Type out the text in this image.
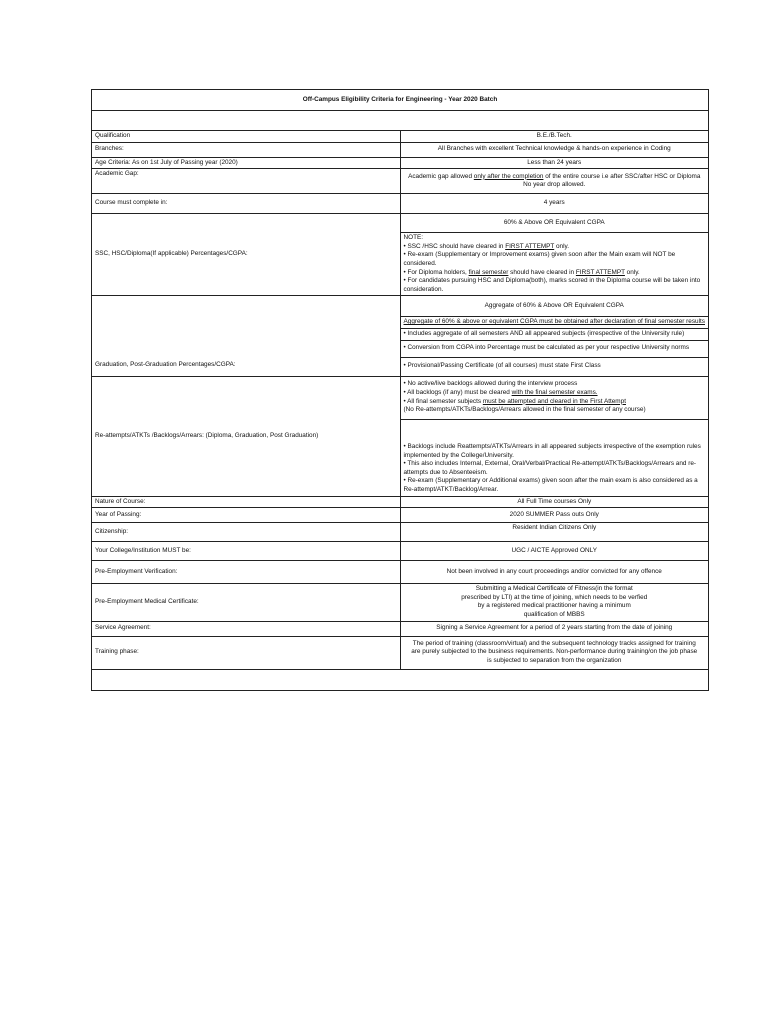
Off-Campus Eligibility Criteria for Engineering - Year 2020 Batch	

Qualification	B.E./B.Tech.
Branches:	All Branches with excellent Technical knowledge & hands-on experience in Coding
Age Criteria: As on 1st July of Passing year (2020)	Less than 24 years
Academic Gap:	Academic gap allowed only after the completion of the entire course i.e after SSC/after HSC or Diploma
No year drop allowed.

Course must complete in:	4 years
SSC, HSC/Diploma(If applicable) Percentages/CGPA:	60% & Above OR Equivalent CGPA

	NOTE:
• SSC /HSC should have cleared in FIRST ATTEMPT only.
• Re-exam (Supplementary or Improvement exams) given soon after the Main exam will NOT be considered.
• For Diploma holders, final semester should have cleared in FIRST ATTEMPT only.
• For candidates pursuing HSC and Diploma(both), marks scored in the Diploma course will be taken into consideration.

Graduation, Post-Graduation Percentages/CGPA:	Aggregate of 60% & Above OR Equivalent CGPA
	Aggregate of 60% & above or equivalent CGPA must be obtained after declaration of final semester results
	• Includes aggregate of all semesters AND all appeared subjects (irrespective of the University rule)
	• Conversion from CGPA into Percentage must be calculated as per your respective University norms
	• Provisional/Passing Certificate (of all courses) must state First Class
Re-attempts/ATKTs /Backlogs/Arrears: (Diploma, Graduation, Post Graduation)	• No active/live backlogs allowed during the interview process
• All backlogs (if any) must be cleared with the final semester exams.
• All final semester subjects must be attempted and cleared in the First Attempt
(No Re-attempts/ATKTs/Backlogs/Arrears allowed in the final semester of any course)

	• Backlogs include Reattempts/ATKTs/Arrears in all appeared subjects irrespective of the exemption rules implemented by the College/University.
• This also includes Internal, External, Oral/Verbal/Practical Re-attempt/ATKTs/Backlogs/Arrears and re-attempts due to Absenteeism.
• Re-exam (Supplementary or Additional exams) given soon after the main exam is also considered as a Re-attempt/ATKT/Backlog/Arrear.

Nature of Course:	All Full Time courses Only
Year of Passing:	2020 SUMMER Pass outs Only
Citizenship:	Resident Indian Citizens Only
Your College/Institution MUST be:	UGC / AICTE Approved ONLY
Pre-Employment Verification:	Not been involved in any court proceedings and/or convicted for any offence
Pre-Employment Medical Certificate:	Submitting a Medical Certificate of Fitness(in the format prescribed by LTI) at the time of joining, which needs to be verfied by a registered medical practitioner having a minimum qualification of MBBS
Service Agreement:	Signing a Service Agreement for a period of 2 years starting from the date of joining
Training phase:	The period of training (classroom/virtual) and the subsequent technology tracks assigned for training are purely subjected to the business requirements. Non-performance during training/on the job phase is subjected to separation from the organization
